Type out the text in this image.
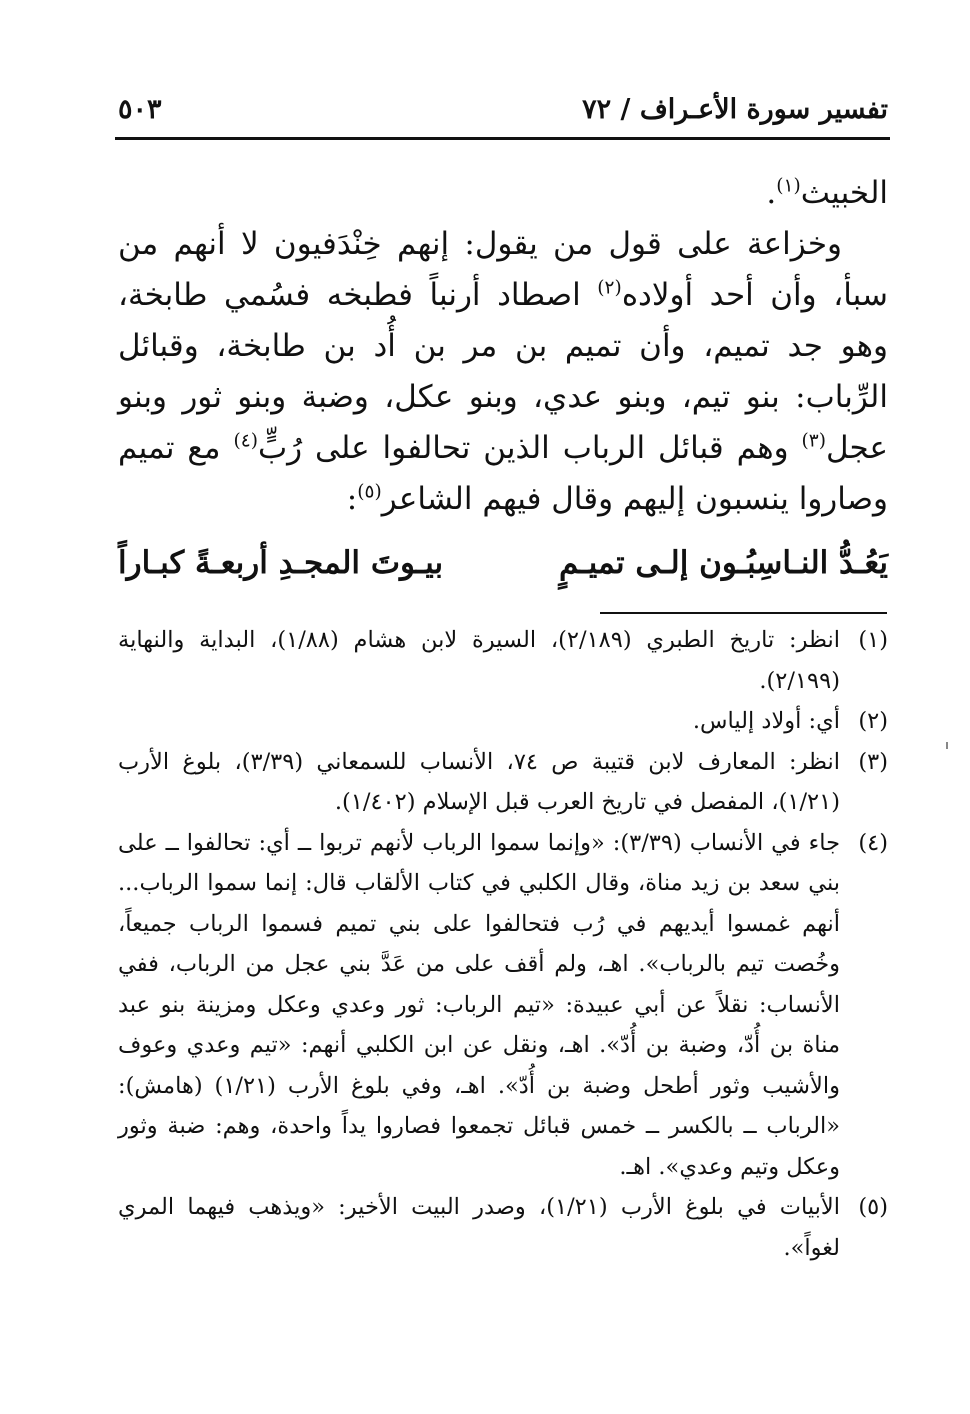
تفسير سورة الأعـراف / ٧٢
٥٠٣

الخبيث$^{(١)}$.

وخزاعة على قول من يقول: إنهم خِنْدَفيون لا أنهم من سبأ، وأن أحد أولاده$^{(٢)}$ اصطاد أرنباً فطبخه فسُمي طابخة، وهو جد تميم، وأن تميم بن مر بن أُد بن طابخة، وقبائل الرِّباب: بنو تيم، وبنو عدي، وبنو عكل، وضبة وبنو ثور وبنو عجل$^{(٣)}$ وهم قبائل الرباب الذين تحالفوا على رُبٍّ$^{(٤)}$ مع تميم وصاروا ينسبون إليهم وقال فيهم الشاعر$^{(٥)}$:

يَعُـدُّ النـاسِبُـون إلـى تميـمٍ
بيـوتَ المجـدِ أربعـةً كبـاراً
(١)
انظر: تاريخ الطبري (٢/١٨٩)، السيرة لابن هشام (١/٨٨)، البداية والنهاية (٢/١٩٩).
(٢)
أي: أولاد إلياس.
(٣)
انظر: المعارف لابن قتيبة ص ٧٤، الأنساب للسمعاني (٣/٣٩)، بلوغ الأرب (١/٢١)، المفصل في تاريخ العرب قبل الإسلام (١/٤٠٢).
(٤)
جاء في الأنساب (٣/٣٩): «وإنما سموا الرباب لأنهم تربوا ــ أي: تحالفوا ــ على بني سعد بن زيد مناة، وقال الكلبي في كتاب الألقاب قال: إنما سموا الرباب... أنهم غمسوا أيديهم في رُب فتحالفوا على بني تميم فسموا الرباب جميعاً، وخُصت تيم بالرباب». اهـ، ولم أقف على من عَدَّ بني عجل من الرباب، ففي الأنساب: نقلاً عن أبي عبيدة: «تيم الرباب: ثور وعدي وعكل ومزينة بنو عبد مناة بن أُدّ، وضبة بن أُدّ». اهـ، ونقل عن ابن الكلبي أنهم: «تيم وعدي وعوف والأشيب وثور أطحل وضبة بن أُدّ». اهـ، وفي بلوغ الأرب (١/٢١) (هامش): «الرباب ــ بالكسر ــ خمس قبائل تجمعوا فصاروا يداً واحدة، وهم: ضبة وثور وعكل وتيم وعدي». اهـ.
(٥)
الأبيات في بلوغ الأرب (١/٢١)، وصدر البيت الأخير: «ويذهب فيهما المري لغواً».
